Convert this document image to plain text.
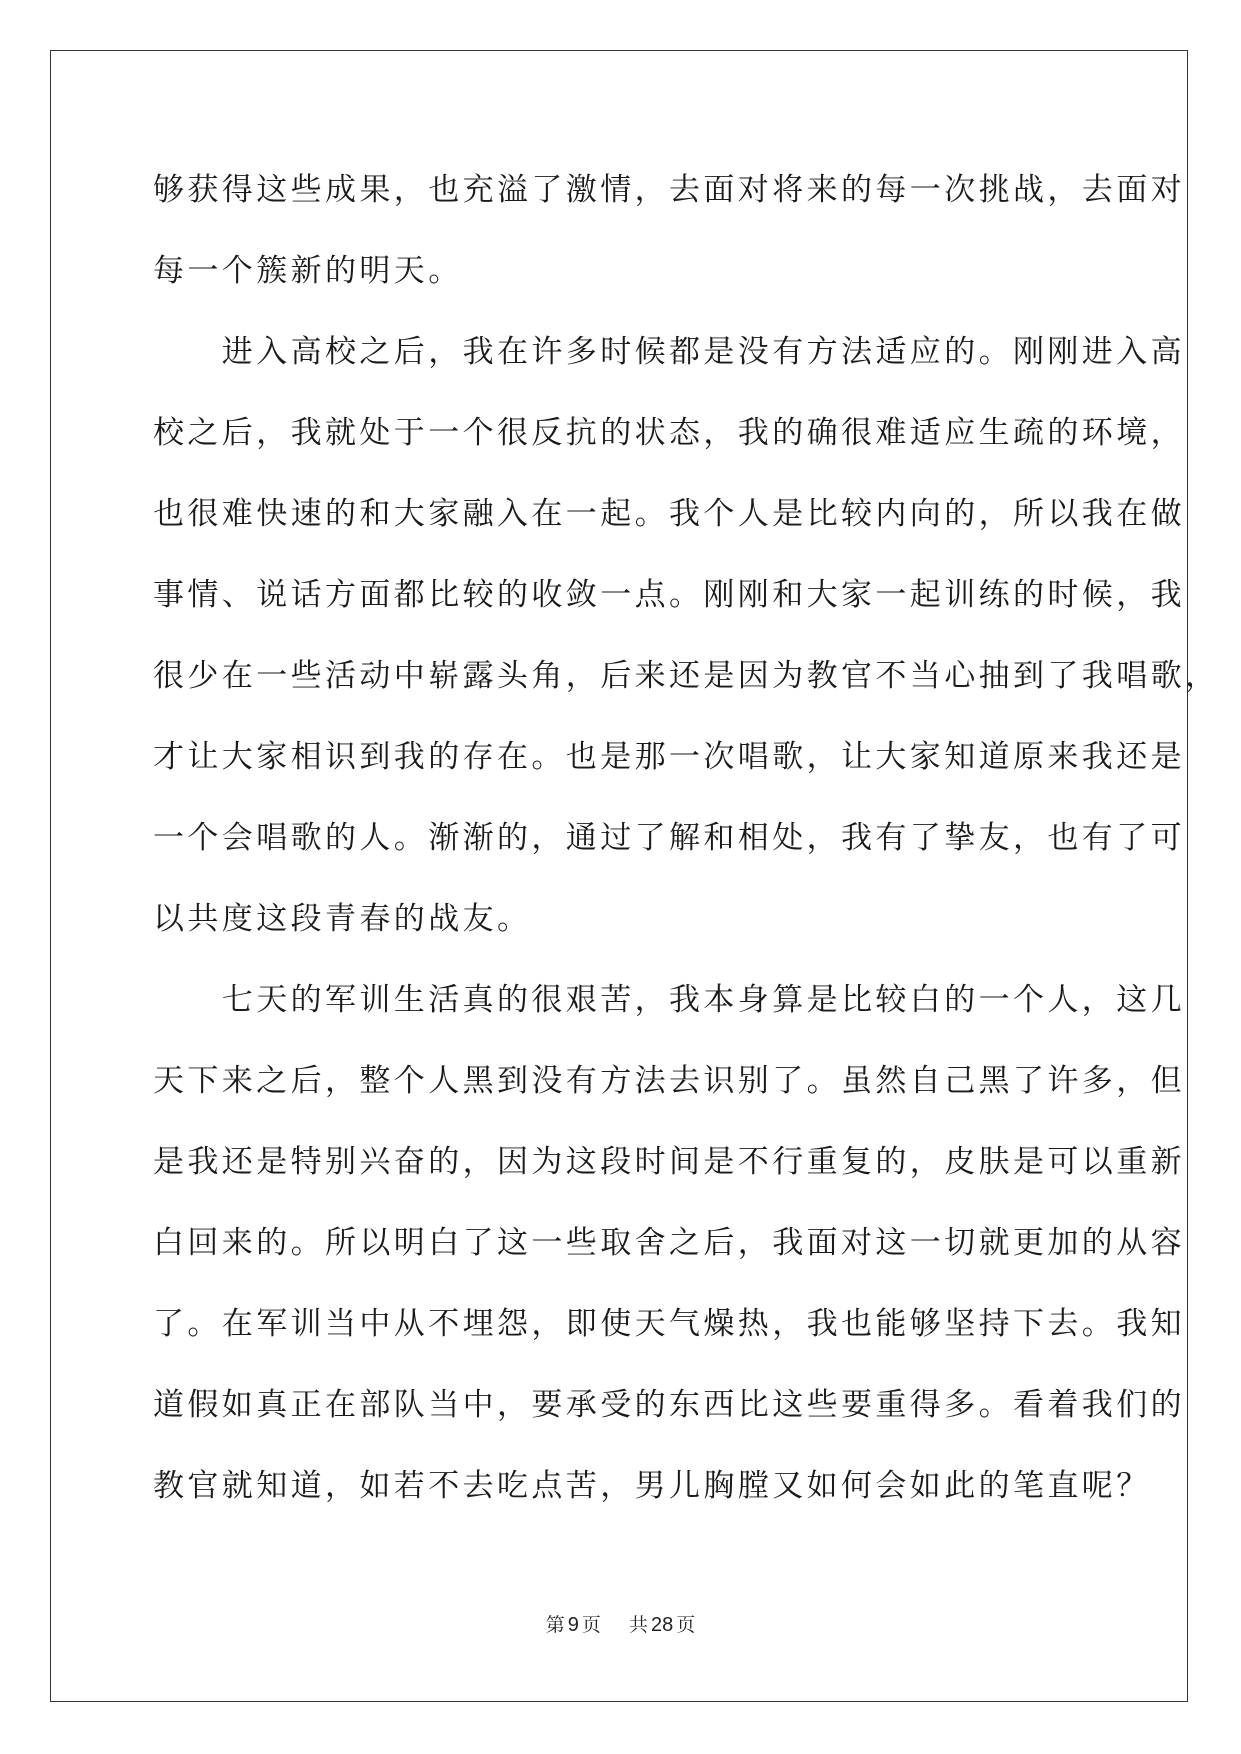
够获得这些成果，也充溢了激情，去面对将来的每一次挑战，去面对
每一个簇新的明天。
　　进入高校之后，我在许多时候都是没有方法适应的。刚刚进入高
校之后，我就处于一个很反抗的状态，我的确很难适应生疏的环境，
也很难快速的和大家融入在一起。我个人是比较内向的，所以我在做
事情、说话方面都比较的收敛一点。刚刚和大家一起训练的时候，我
很少在一些活动中崭露头角，后来还是因为教官不当心抽到了我唱歌，
才让大家相识到我的存在。也是那一次唱歌，让大家知道原来我还是
一个会唱歌的人。渐渐的，通过了解和相处，我有了挚友，也有了可
以共度这段青春的战友。
　　七天的军训生活真的很艰苦，我本身算是比较白的一个人，这几
天下来之后，整个人黑到没有方法去识别了。虽然自己黑了许多，但
是我还是特别兴奋的，因为这段时间是不行重复的，皮肤是可以重新
白回来的。所以明白了这一些取舍之后，我面对这一切就更加的从容
了。在军训当中从不埋怨，即使天气燥热，我也能够坚持下去。我知
道假如真正在部队当中，要承受的东西比这些要重得多。看着我们的
教官就知道，如若不去吃点苦，男儿胸膛又如何会如此的笔直呢？
第 9 页 共 28 页
